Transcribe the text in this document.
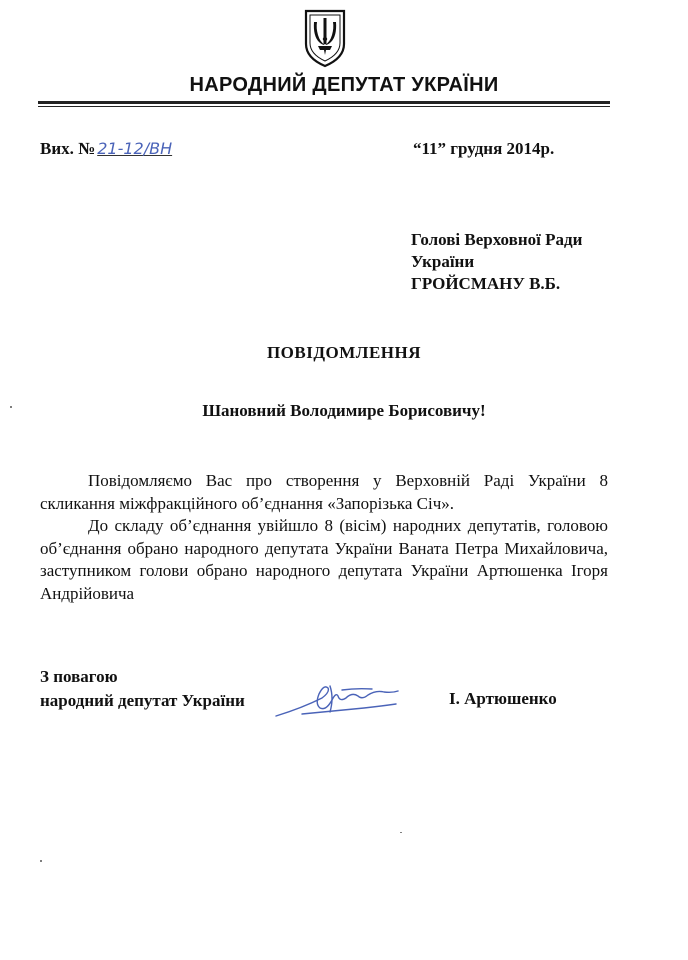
НАРОДНИЙ ДЕПУТАТ УКРАЇНИ
Вих. № 21-12/ВН	“11” грудня 2014р.
Голові Верховної Ради
України
ГРОЙСМАНУ В.Б.
ПОВІДОМЛЕННЯ
Шановний Володимире Борисовичу!

Повідомляємо Вас про створення у Верховній Раді України 8 скликання міжфракційного об’єднання «Запорізька Січ».

До складу об’єднання увійшло 8 (вісім) народних депутатів, головою об’єднання обрано народного депутата України Ваната Петра Михайловича, заступником голови обрано народного депутата України Артюшенка Ігоря Андрійовича

З повагою
народний депутат України	І. Артюшенко
